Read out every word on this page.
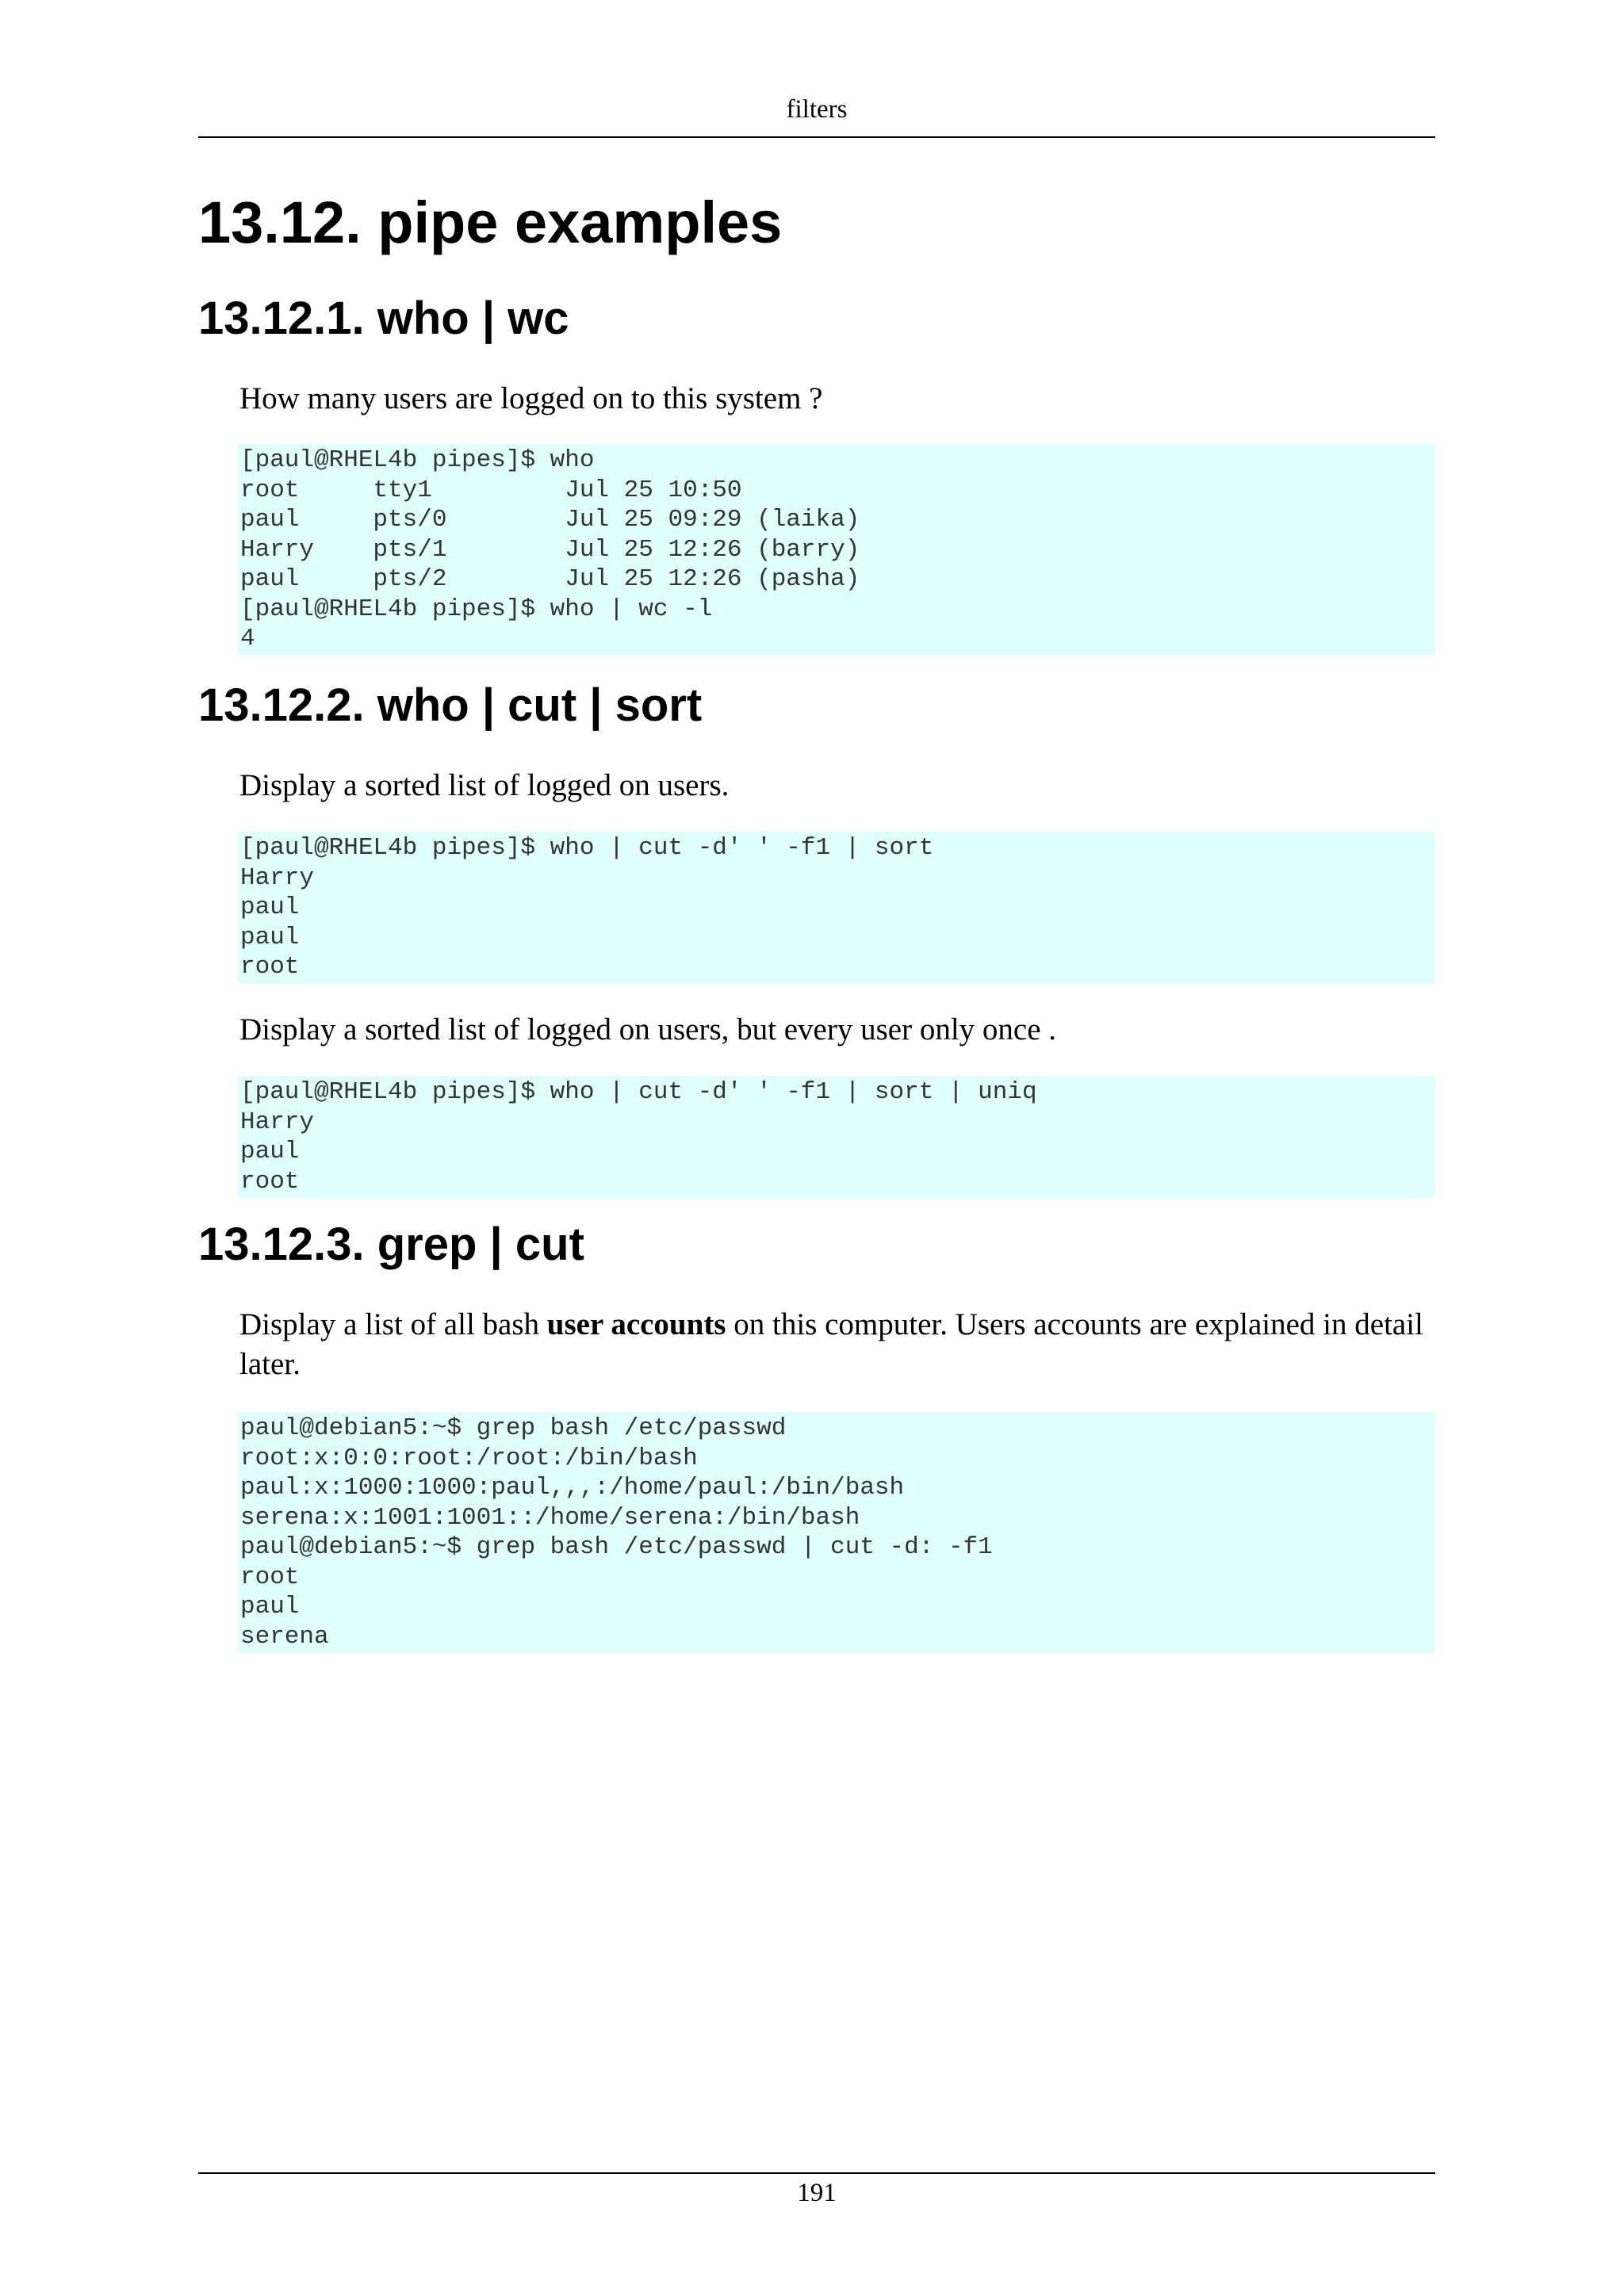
filters
13.12. pipe examples
13.12.1. who | wc

How many users are logged on to this system ?

[paul@RHEL4b pipes]$ who
root     tty1         Jul 25 10:50
paul     pts/0        Jul 25 09:29 (laika)
Harry    pts/1        Jul 25 12:26 (barry)
paul     pts/2        Jul 25 12:26 (pasha)
[paul@RHEL4b pipes]$ who | wc -l
4
13.12.2. who | cut | sort

Display a sorted list of logged on users.

[paul@RHEL4b pipes]$ who | cut -d' ' -f1 | sort
Harry
paul
paul
root

Display a sorted list of logged on users, but every user only once .

[paul@RHEL4b pipes]$ who | cut -d' ' -f1 | sort | uniq
Harry
paul
root
13.12.3. grep | cut

Display a list of all bash user accounts on this computer. Users accounts are explained in detail later.

paul@debian5:~$ grep bash /etc/passwd
root:x:0:0:root:/root:/bin/bash
paul:x:1000:1000:paul,,,:/home/paul:/bin/bash
serena:x:1001:1001::/home/serena:/bin/bash
paul@debian5:~$ grep bash /etc/passwd | cut -d: -f1
root
paul
serena
191
